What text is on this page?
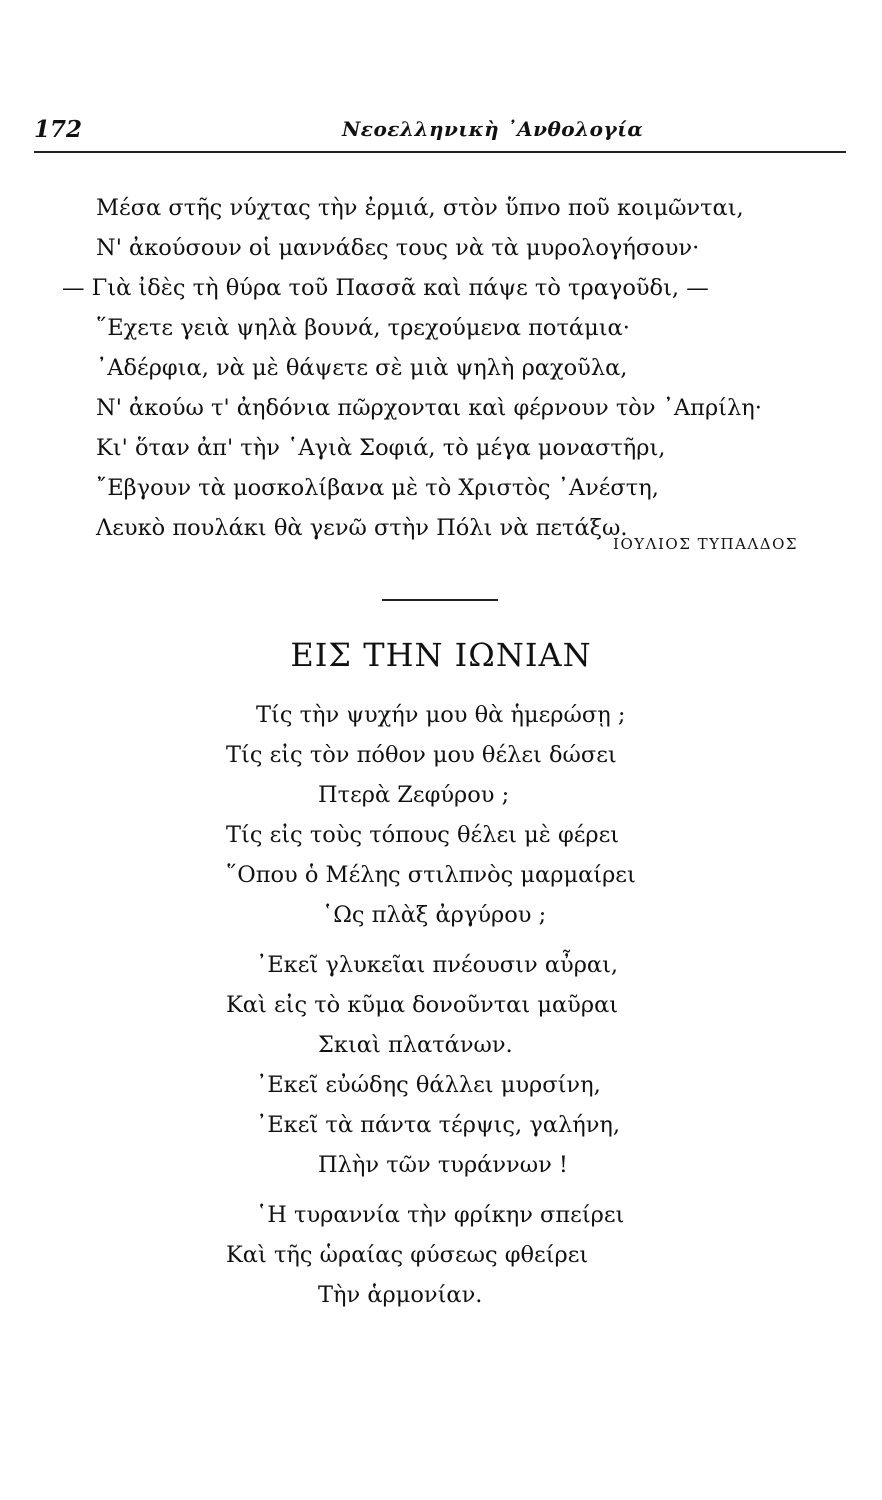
172	Νεοελληνικὴ ᾿Ανθολογία
Μέσα στῆς νύχτας τὴν ἐρμιά, στὸν ὕπνο ποῦ κοιμῶνται,
Ν' ἀκούσουν οἱ μαννάδες τους νὰ τὰ μυρολογήσουν·
— Γιὰ ἰδὲς τὴ θύρα τοῦ Πασσᾶ καὶ πάψε τὸ τραγοῦδι, —
῞Εχετε γειὰ ψηλὰ βουνά, τρεχούμενα ποτάμια·
᾿Αδέρφια, νὰ μὲ θάψετε σὲ μιὰ ψηλὴ ραχοῦλα,
Ν' ἀκούω τ' ἀηδόνια πῶρχονται καὶ φέρνουν τὸν ᾿Απρίλη·
Κι' ὅταν ἀπ' τὴν ῾Αγιὰ Σοφιά, τὸ μέγα μοναστῆρι,
῎Εβγουν τὰ μοσκολίβανα μὲ τὸ Χριστὸς ᾿Ανέστη,
Λευκὸ πουλάκι θὰ γενῶ στὴν Πόλι νὰ πετάξω.
ΙΟΥΛΙΟΣ ΤΥΠΑΛΔΟΣ
ΕΙΣ ΤΗΝ ΙΩΝΙΑΝ
Τίς τὴν ψυχήν μου θὰ ἡμερώσῃ ;
Τίς εἰς τὸν πόθον μου θέλει δώσει
Πτερὰ Ζεφύρου ;
Τίς εἰς τοὺς τόπους θέλει μὲ φέρει
῞Οπου ὁ Μέλης στιλπνὸς μαρμαίρει
῾Ως πλὰξ ἀργύρου ;
᾿Εκεῖ γλυκεῖαι πνέουσιν αὖραι,
Καὶ εἰς τὸ κῦμα δονοῦνται μαῦραι
Σκιαὶ πλατάνων.
᾿Εκεῖ εὐώδης θάλλει μυρσίνη,
᾿Εκεῖ τὰ πάντα τέρψις, γαλήνη,
Πλὴν τῶν τυράννων !
῾Η τυραννία τὴν φρίκην σπείρει
Καὶ τῆς ὡραίας φύσεως φθείρει
Τὴν ἁρμονίαν.
